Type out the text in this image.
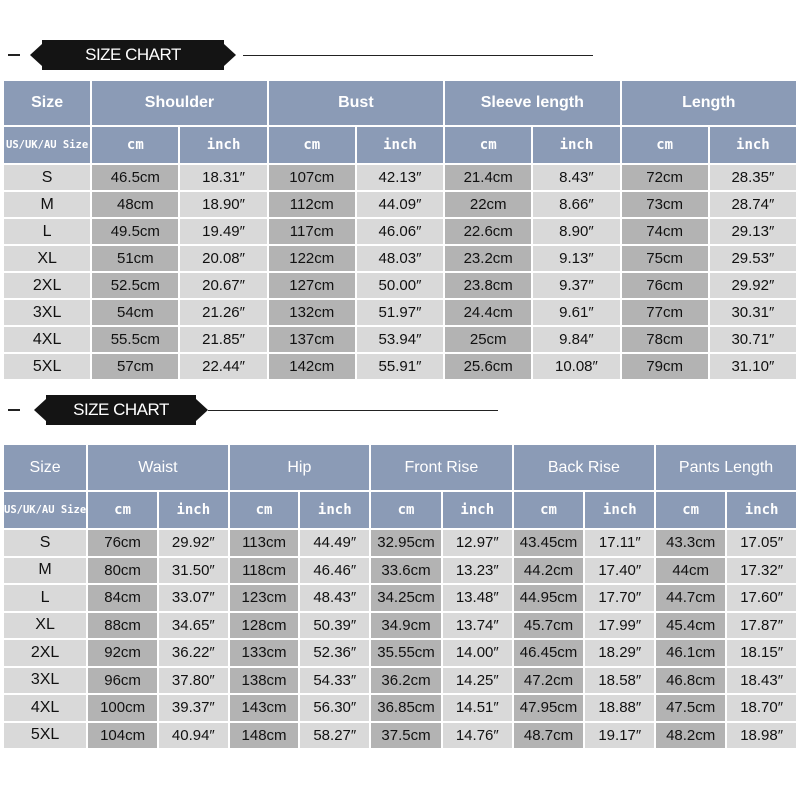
SIZE CHART
Size	Shoulder		Bust		Sleeve length		Length	
US/UK/AU Size	cm	inch	cm	inch	cm	inch	cm	inch
S	46.5cm	18.31″	107cm	42.13″	21.4cm	8.43″	72cm	28.35″
M	48cm	18.90″	112cm	44.09″	22cm	8.66″	73cm	28.74″
L	49.5cm	19.49″	117cm	46.06″	22.6cm	8.90″	74cm	29.13″
XL	51cm	20.08″	122cm	48.03″	23.2cm	9.13″	75cm	29.53″
2XL	52.5cm	20.67″	127cm	50.00″	23.8cm	9.37″	76cm	29.92″
3XL	54cm	21.26″	132cm	51.97″	24.4cm	9.61″	77cm	30.31″
4XL	55.5cm	21.85″	137cm	53.94″	25cm	9.84″	78cm	30.71″
5XL	57cm	22.44″	142cm	55.91″	25.6cm	10.08″	79cm	31.10″
SIZE CHART
Size	Waist		Hip		Front Rise		Back Rise		Pants Length	
US/UK/AU Size	cm	inch	cm	inch	cm	inch	cm	inch	cm	inch
S	76cm	29.92″	113cm	44.49″	32.95cm	12.97″	43.45cm	17.11″	43.3cm	17.05″
M	80cm	31.50″	118cm	46.46″	33.6cm	13.23″	44.2cm	17.40″	44cm	17.32″
L	84cm	33.07″	123cm	48.43″	34.25cm	13.48″	44.95cm	17.70″	44.7cm	17.60″
XL	88cm	34.65″	128cm	50.39″	34.9cm	13.74″	45.7cm	17.99″	45.4cm	17.87″
2XL	92cm	36.22″	133cm	52.36″	35.55cm	14.00″	46.45cm	18.29″	46.1cm	18.15″
3XL	96cm	37.80″	138cm	54.33″	36.2cm	14.25″	47.2cm	18.58″	46.8cm	18.43″
4XL	100cm	39.37″	143cm	56.30″	36.85cm	14.51″	47.95cm	18.88″	47.5cm	18.70″
5XL	104cm	40.94″	148cm	58.27″	37.5cm	14.76″	48.7cm	19.17″	48.2cm	18.98″
